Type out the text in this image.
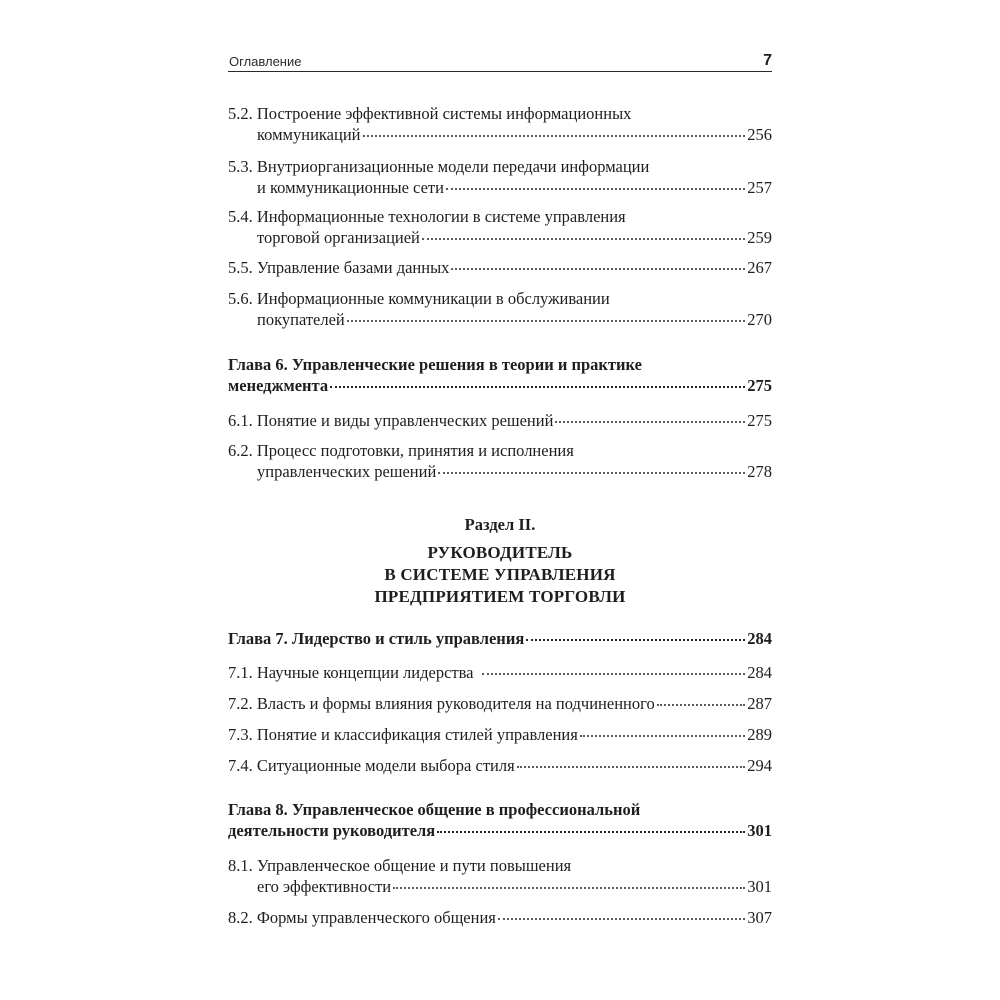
Оглавление	7
5.2. Построение эффективной системы информационных
коммуникаций	256
5.3. Внутриорганизационные модели передачи информации
и коммуникационные сети	257
5.4. Информационные технологии в системе управления
торговой организацией	259
5.5. Управление базами данных	267
5.6. Информационные коммуникации в обслуживании
покупателей	270
Глава 6. Управленческие решения в теории и практике
менеджмента	275
6.1. Понятие и виды управленческих решений	275
6.2. Процесс подготовки, принятия и исполнения
управленческих решений	278
Раздел II.
РУКОВОДИТЕЛЬ
В СИСТЕМЕ УПРАВЛЕНИЯ
ПРЕДПРИЯТИЕМ ТОРГОВЛИ
Глава 7. Лидерство и стиль управления	284
7.1. Научные концепции лидерства	284
7.2. Власть и формы влияния руководителя на подчиненного	287
7.3. Понятие и классификация стилей управления	289
7.4. Ситуационные модели выбора стиля	294
Глава 8. Управленческое общение в профессиональной
деятельности руководителя	301
8.1. Управленческое общение и пути повышения
его эффективности	301
8.2. Формы управленческого общения	307
